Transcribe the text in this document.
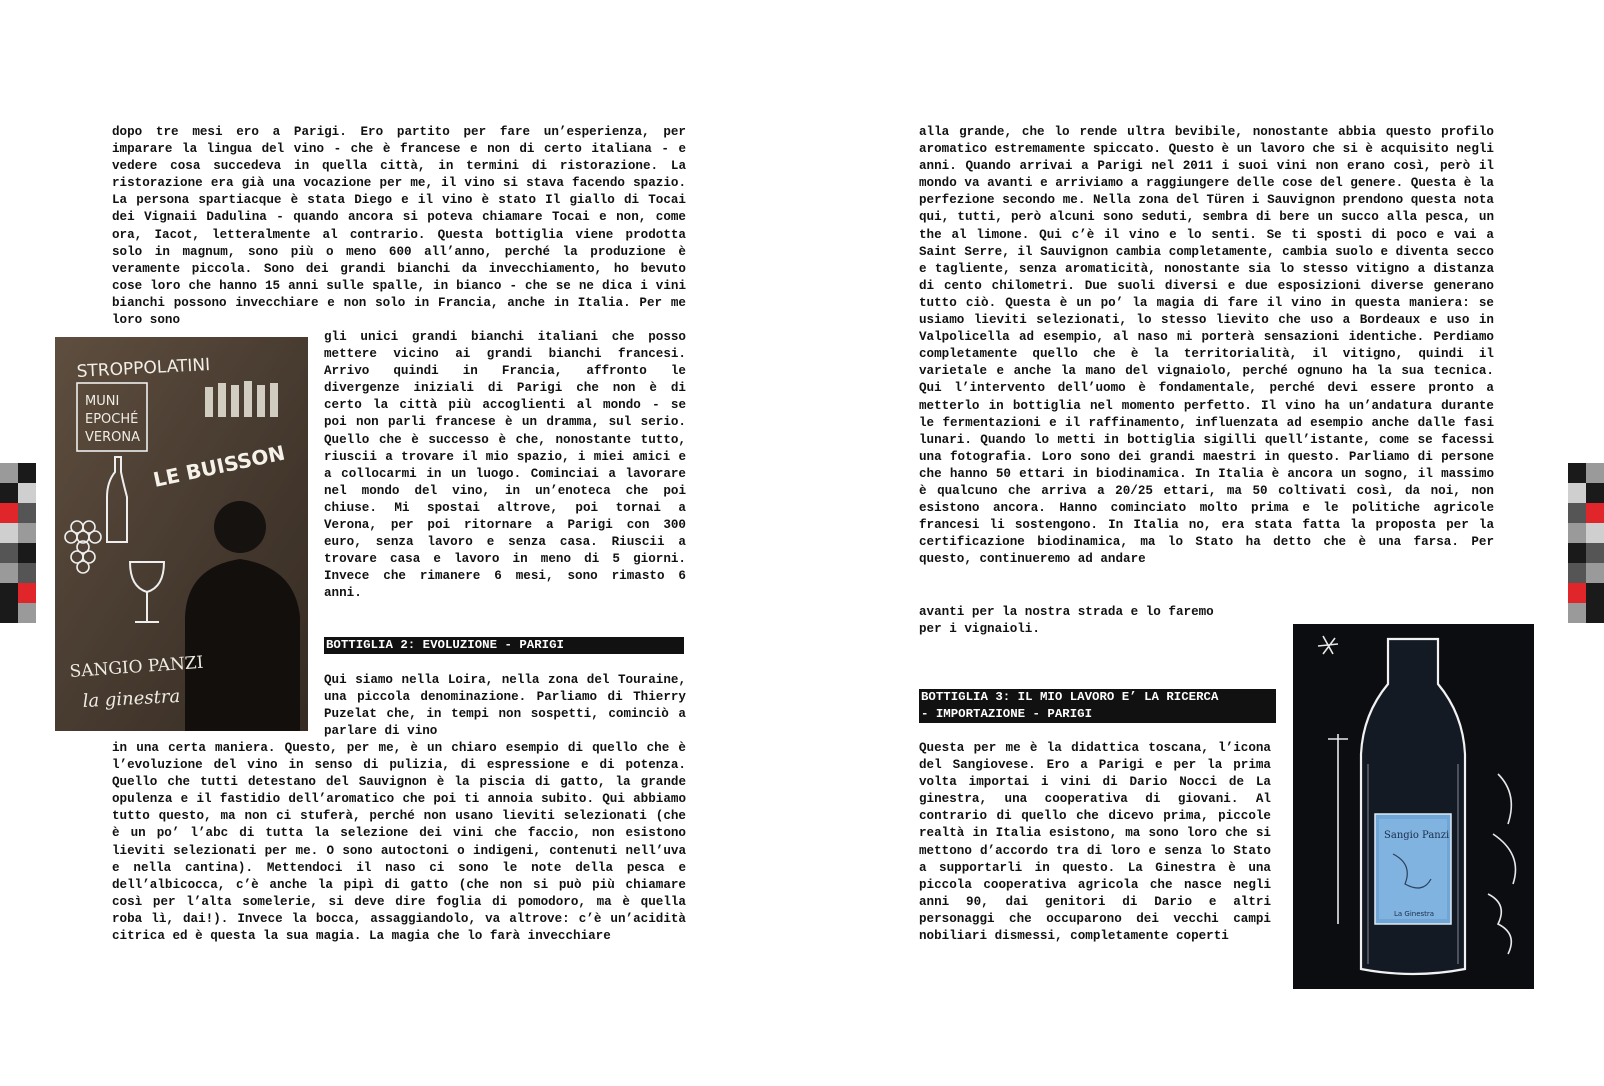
dopo tre mesi ero a Parigi. Ero partito per fare un’esperienza, per imparare la lingua del vino - che è francese e non di certo italiana - e vedere cosa succedeva in quella città, in termini di ristorazione. La ristorazione era già una vocazione per me, il vino si stava facendo spazio. La persona spartiacque è stata Diego e il vino è stato Il giallo di Tocai dei Vignaii Dadulina - quando ancora si poteva chiamare Tocai e non, come ora, Iacot, letteralmente al contrario. Questa bottiglia viene prodotta solo in magnum, sono più o meno 600 all’anno, perché la produzione è veramente piccola. Sono dei grandi bianchi da invecchiamento, ho bevuto cose loro che hanno 15 anni sulle spalle, in bianco - che se ne dica i vini bianchi possono invecchiare e non solo in Francia, anche in Italia. Per me loro sono

STROPPOLATINI
MUNI
EPOCHÉ
VERONA
LE BUISSON
SANGIO PANZI
la ginestra

gli unici grandi bianchi italiani che posso mettere vicino ai grandi bianchi francesi. Arrivo quindi in Francia, affronto le divergenze iniziali di Parigi che non è di certo la città più accoglienti al mondo - se poi non parli francese è un dramma, sul serio. Quello che è successo è che, nonostante tutto, riuscii a trovare il mio spazio, i miei amici e a collocarmi in un luogo. Cominciai a lavorare nel mondo del vino, in un’enoteca che poi chiuse. Mi spostai altrove, poi tornai a Verona, per poi ritornare a Parigi con 300 euro, senza lavoro e senza casa. Riuscii a trovare casa e lavoro in meno di 5 giorni. Invece che rimanere 6 mesi, sono rimasto 6 anni.

BOTTIGLIA 2: EVOLUZIONE - PARIGI

Qui siamo nella Loira, nella zona del Touraine, una piccola denominazione. Parliamo di Thierry Puzelat che, in tempi non sospetti, cominciò a parlare di vino

in una certa maniera. Questo, per me, è un chiaro esempio di quello che è l’evoluzione del vino in senso di pulizia, di espressione e di potenza. Quello che tutti detestano del Sauvignon è la piscia di gatto, la grande opulenza e il fastidio dell’aromatico che poi ti annoia subito. Qui abbiamo tutto questo, ma non ci stuferà, perché non usano lieviti selezionati (che è un po’ l’abc di tutta la selezione dei vini che faccio, non esistono lieviti selezionati per me. O sono autoctoni o indigeni, contenuti nell’uva e nella cantina). Mettendoci il naso ci sono le note della pesca e dell’albicocca, c’è anche la pipì di gatto (che non si può più chiamare così per l’alta somelerie, si deve dire foglia di pomodoro, ma è quella roba lì, dai!). Invece la bocca, assaggiandolo, va altrove: c’è un’acidità citrica ed è questa la sua magia. La magia che lo farà invecchiare

alla grande, che lo rende ultra bevibile, nonostante abbia questo profilo aromatico estremamente spiccato. Questo è un lavoro che si è acquisito negli anni. Quando arrivai a Parigi nel 2011 i suoi vini non erano così, però il mondo va avanti e arriviamo a raggiungere delle cose del genere. Questa è la perfezione secondo me. Nella zona del Türen i Sauvignon prendono questa nota qui, tutti, però alcuni sono seduti, sembra di bere un succo alla pesca, un the al limone. Qui c’è il vino e lo senti. Se ti sposti di poco e vai a Saint Serre, il Sauvignon cambia completamente, cambia suolo e diventa secco e tagliente, senza aromaticità, nonostante sia lo stesso vitigno a distanza di cento chilometri. Due suoli diversi e due esposizioni diverse generano tutto ciò. Questa è un po’ la magia di fare il vino in questa maniera: se usiamo lieviti selezionati, lo stesso lievito che uso a Bordeaux e uso in Valpolicella ad esempio, al naso mi porterà sensazioni identiche. Perdiamo completamente quello che è la territorialità, il vitigno, quindi il varietale e anche la mano del vignaiolo, perché ognuno ha la sua tecnica. Qui l’intervento dell’uomo è fondamentale, perché devi essere pronto a metterlo in bottiglia nel momento perfetto. Il vino ha un’andatura durante le fermentazioni e il raffinamento, influenzata ad esempio anche dalle fasi lunari. Quando lo metti in bottiglia sigilli quell’istante, come se facessi una fotografia. Loro sono dei grandi maestri in questo. Parliamo di persone che hanno 50 ettari in biodinamica. In Italia è ancora un sogno, il massimo è qualcuno che arriva a 20/25 ettari, ma 50 coltivati così, da noi, non esistono ancora. Hanno cominciato molto prima e le politiche agricole francesi li sostengono. In Italia no, era stata fatta la proposta per la certificazione biodinamica, ma lo Stato ha detto che è una farsa. Per questo, continueremo ad andare

avanti per la nostra strada e lo faremo

per i vignaioli.

BOTTIGLIA 3: IL MIO LAVORO E’ LA RICERCA
- IMPORTAZIONE - PARIGI

Questa per me è la didattica toscana, l’icona del Sangiovese. Ero a Parigi e per la prima volta importai i vini di Dario Nocci de La ginestra, una cooperativa di giovani. Al contrario di quello che dicevo prima, piccole realtà in Italia esistono, ma sono loro che si mettono d’accordo tra di loro e senza lo Stato a supportarli in questo. La Ginestra è una piccola cooperativa agricola che nasce negli anni 90, dai genitori di Dario e altri personaggi che occuparono dei vecchi campi nobiliari dismessi, completamente coperti

Sangio Panzi
La Ginestra
